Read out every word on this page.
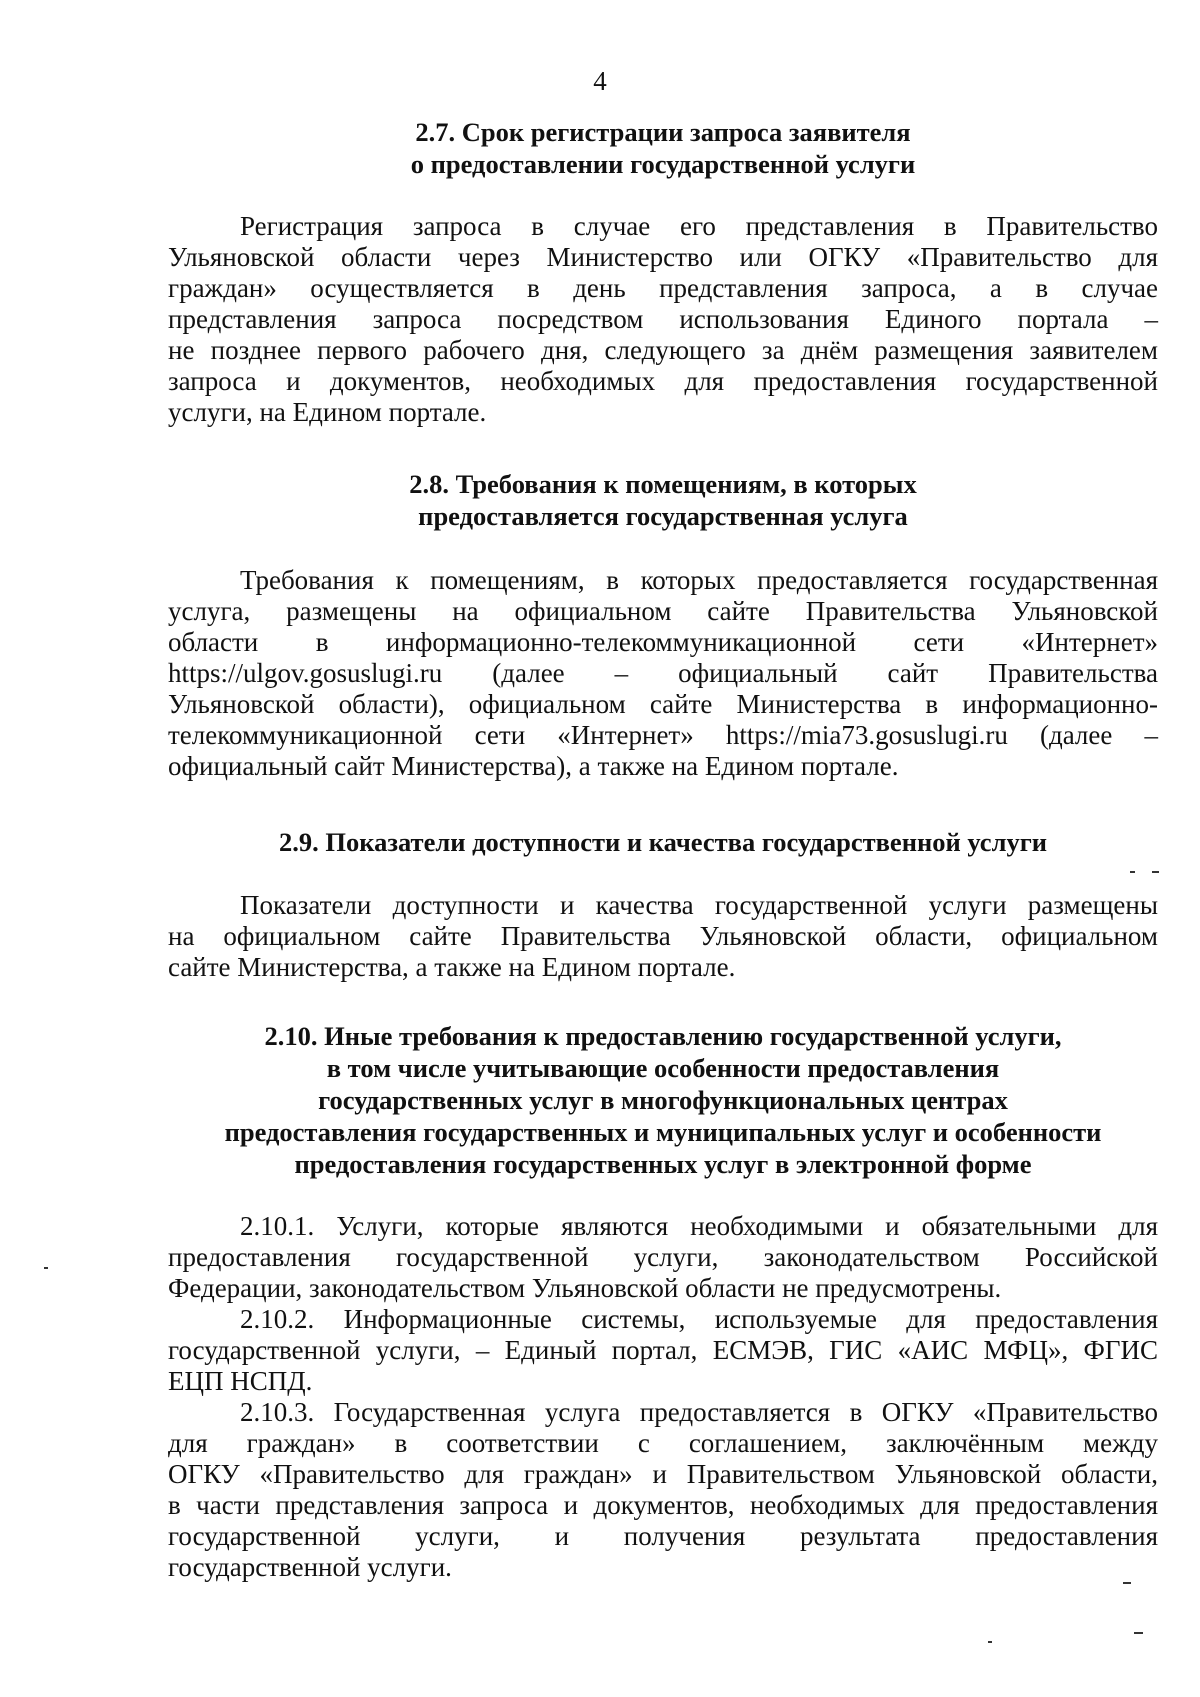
4
2.7. Срок регистрации запроса заявителя
о предоставлении государственной услуги
Регистрация запроса в случае его представления в Правительство
Ульяновской области через Министерство или ОГКУ «Правительство для
граждан» осуществляется в день представления запроса, а в случае
представления запроса посредством использования Единого портала –
не позднее первого рабочего дня, следующего за днём размещения заявителем
запроса и документов, необходимых для предоставления государственной
услуги, на Едином портале.
2.8. Требования к помещениям, в которых
предоставляется государственная услуга
Требования к помещениям, в которых предоставляется государственная
услуга, размещены на официальном сайте Правительства Ульяновской
области в информационно-телекоммуникационной сети «Интернет»
https://ulgov.gosuslugi.ru (далее – официальный сайт Правительства
Ульяновской области), официальном сайте Министерства в информационно-
телекоммуникационной сети «Интернет» https://mia73.gosuslugi.ru (далее –
официальный сайт Министерства), а также на Едином портале.
2.9. Показатели доступности и качества государственной услуги
Показатели доступности и качества государственной услуги размещены
на официальном сайте Правительства Ульяновской области, официальном
сайте Министерства, а также на Едином портале.
2.10. Иные требования к предоставлению государственной услуги,
в том числе учитывающие особенности предоставления
государственных услуг в многофункциональных центрах
предоставления государственных и муниципальных услуг и особенности
предоставления государственных услуг в электронной форме
2.10.1. Услуги, которые являются необходимыми и обязательными для
предоставления государственной услуги, законодательством Российской
Федерации, законодательством Ульяновской области не предусмотрены.
2.10.2. Информационные системы, используемые для предоставления
государственной услуги, – Единый портал, ЕСМЭВ, ГИС «АИС МФЦ», ФГИС
ЕЦП НСПД.
2.10.3. Государственная услуга предоставляется в ОГКУ «Правительство
для граждан» в соответствии с соглашением, заключённым между
ОГКУ «Правительство для граждан» и Правительством Ульяновской области,
в части представления запроса и документов, необходимых для предоставления
государственной услуги, и получения результата предоставления
государственной услуги.
